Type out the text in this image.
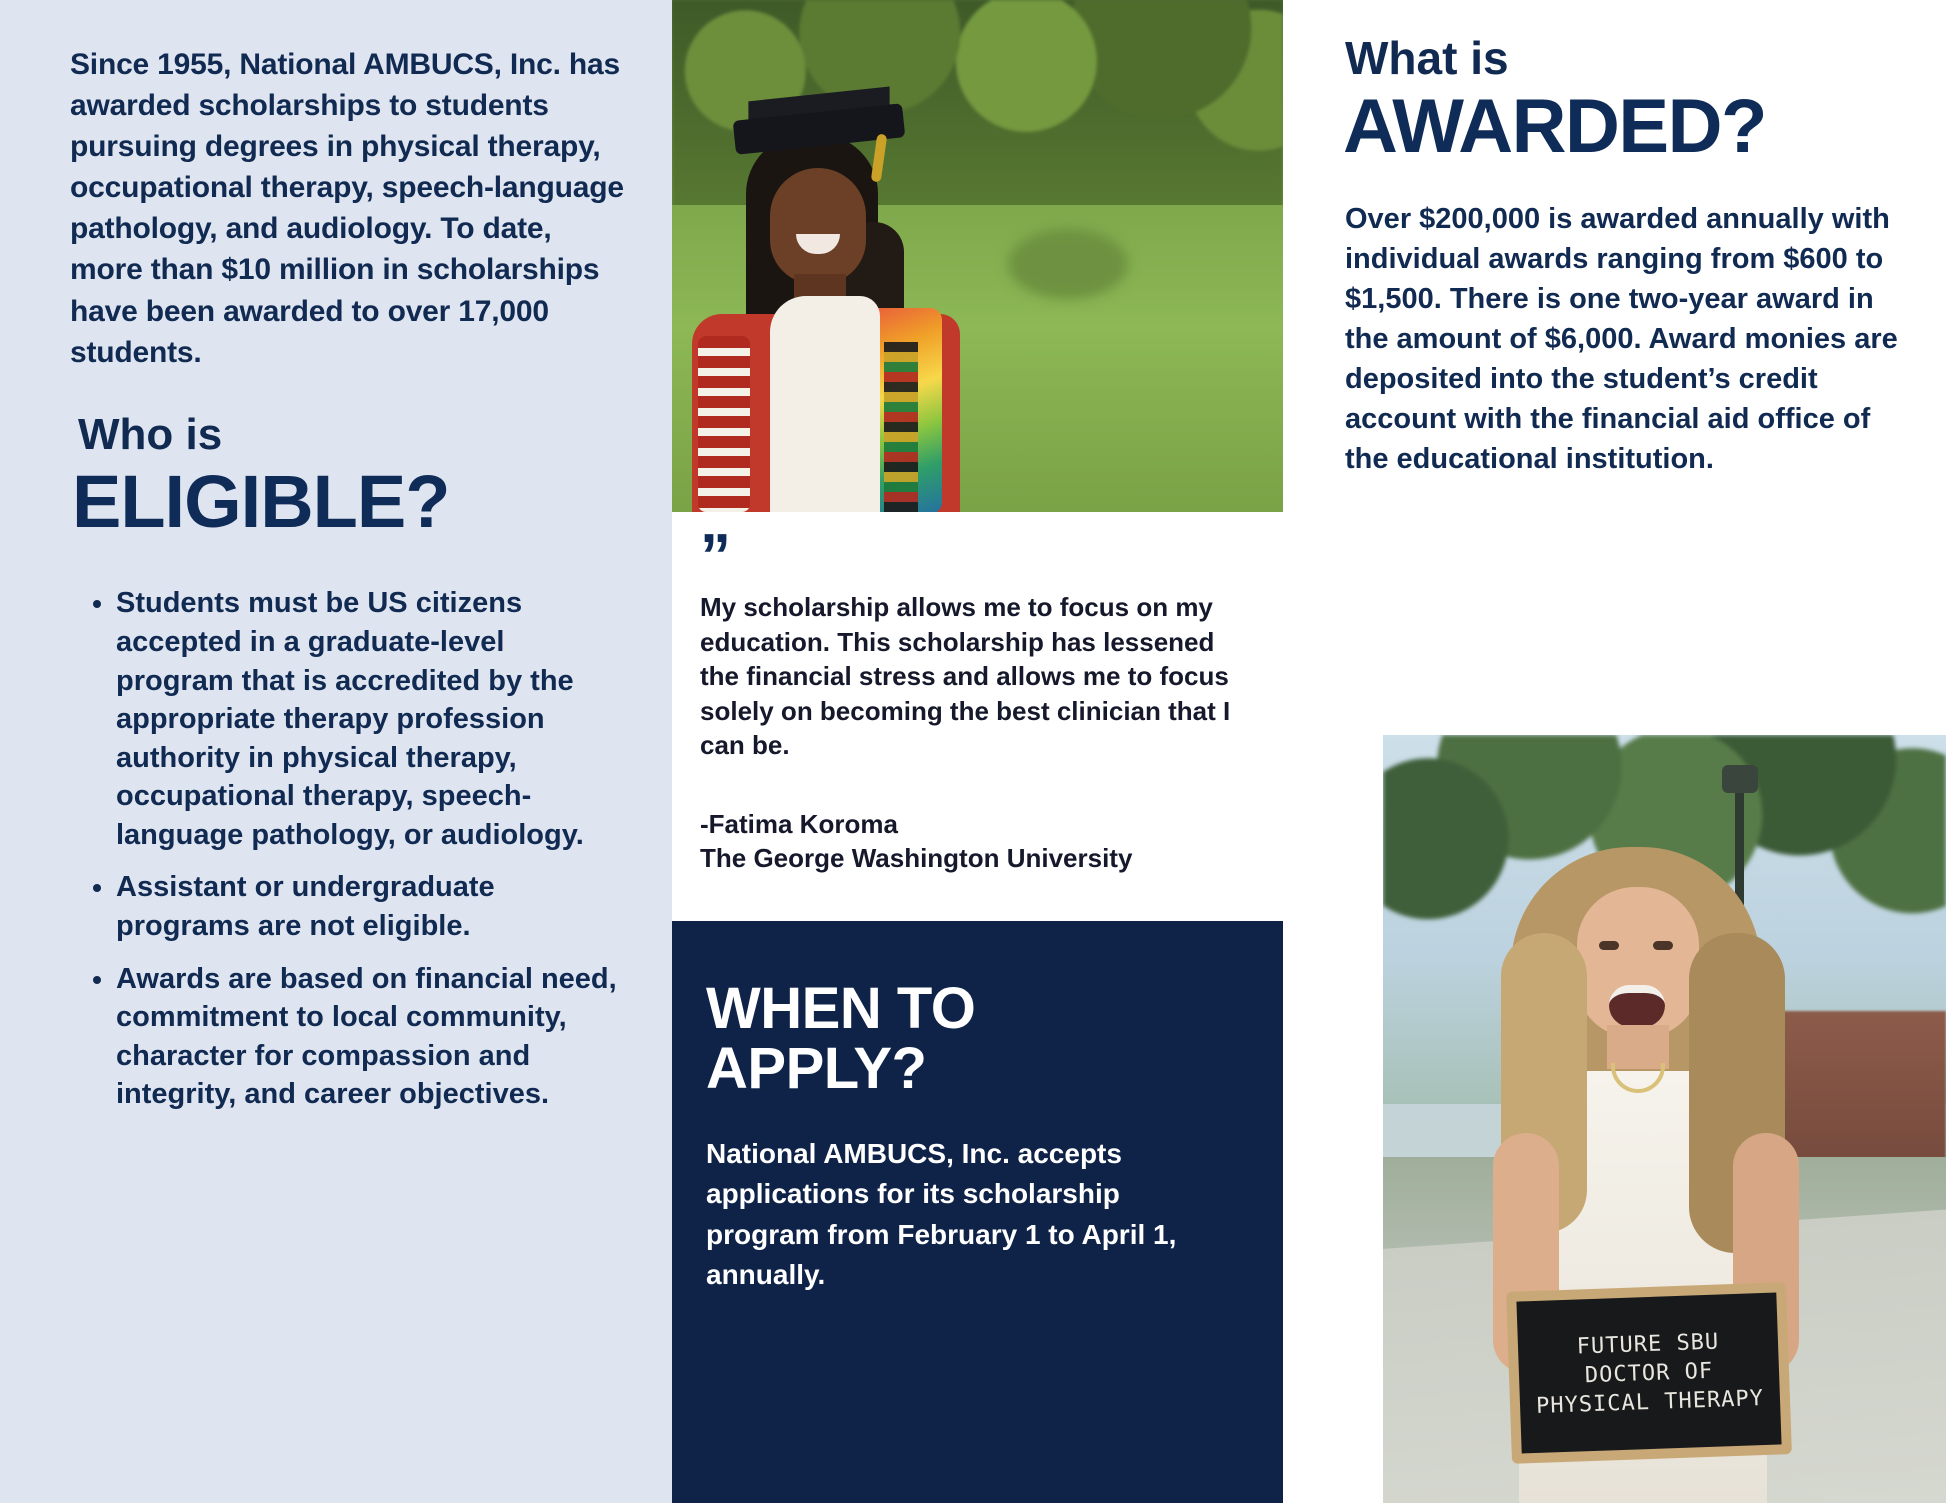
Since 1955, National AMBUCS, Inc. has awarded scholarships to students pursuing degrees in physical therapy, occupational therapy, speech-language pathology, and audiology. To date, more than $10 million in scholarships have been awarded to over 17,000 students.

Who is
ELIGIBLE?
• Students must be US citizens accepted in a graduate-level program that is accredited by the appropriate therapy profession authority in physical therapy, occupational therapy, speech-language pathology, or audiology.
• Assistant or undergraduate programs are not eligible.
• Awards are based on financial need, commitment to local community, character for compassion and integrity, and career objectives.
”

My scholarship allows me to focus on my education. This scholarship has lessened the financial stress and allows me to focus solely on becoming the best clinician that I can be.

-Fatima Koroma
The George Washington University

WHEN TO
APPLY?

National AMBUCS, Inc. accepts applications for its scholarship program from February 1 to April 1, annually.

What is
AWARDED?

Over $200,000 is awarded annually with individual awards ranging from $600 to $1,500. There is one two-year award in the amount of $6,000. Award monies are deposited into the student’s credit account with the financial aid office of the educational institution.

FUTURE SBU
DOCTOR OF
PHYSICAL THERAPY
